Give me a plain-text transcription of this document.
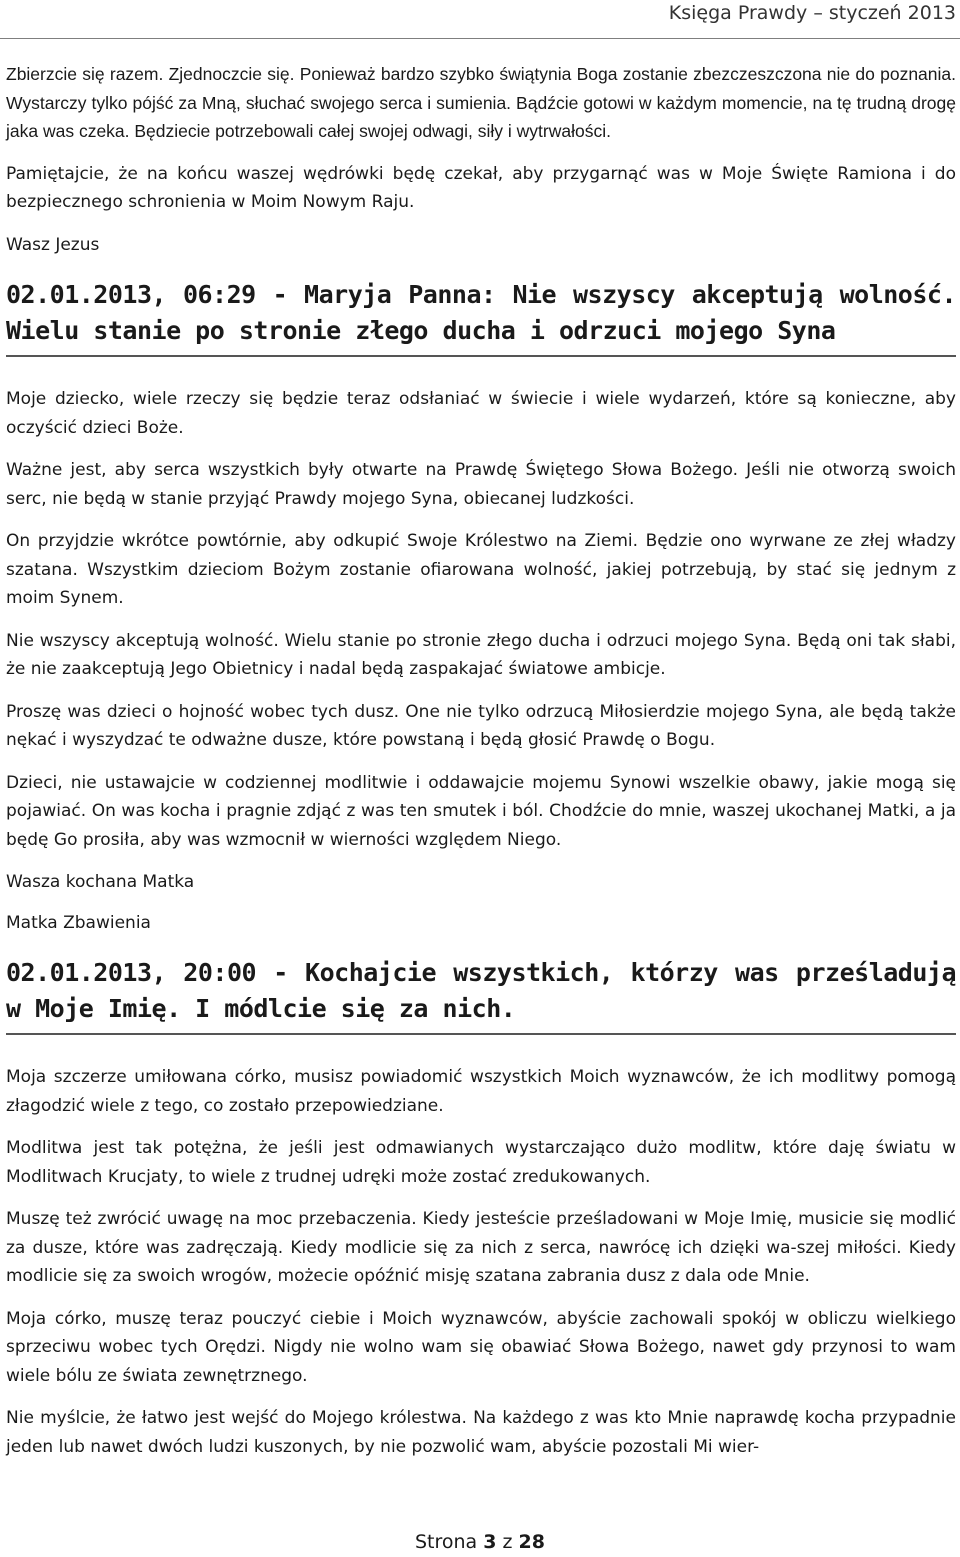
Księga Prawdy – styczeń 2013

Zbierzcie się razem. Zjednoczcie się. Ponieważ bardzo szybko świątynia Boga zostanie zbezczeszczona nie do poznania. Wystarczy tylko pójść za Mną, słuchać swojego serca i sumienia. Bądźcie gotowi w każdym momencie, na tę trudną drogę jaka was czeka. Będziecie potrzebowali całej swojej odwagi, siły i wytrwałości.

Pamiętajcie, że na końcu waszej wędrówki będę czekał, aby przygarnąć was w Moje Święte Ramiona i do bezpiecznego schronienia w Moim Nowym Raju.

Wasz Jezus

02.01.2013, 06:29 - Maryja Panna: Nie wszyscy akceptują wolność. Wielu stanie po stronie złego ducha i odrzuci mojego Syna

Moje dziecko, wiele rzeczy się będzie teraz odsłaniać w świecie i wiele wydarzeń, które są konieczne, aby oczyścić dzieci Boże.

Ważne jest, aby serca wszystkich były otwarte na Prawdę Świętego Słowa Bożego. Jeśli nie otworzą swoich serc, nie będą w stanie przyjąć Prawdy mojego Syna, obiecanej ludzkości.

On przyjdzie wkrótce powtórnie, aby odkupić Swoje Królestwo na Ziemi. Będzie ono wyrwane ze złej władzy szatana. Wszystkim dzieciom Bożym zostanie ofiarowana wolność, jakiej potrzebują, by stać się jednym z moim Synem.

Nie wszyscy akceptują wolność. Wielu stanie po stronie złego ducha i odrzuci mojego Syna. Będą oni tak słabi, że nie zaakceptują Jego Obietnicy i nadal będą zaspakajać światowe ambicje.

Proszę was dzieci o hojność wobec tych dusz. One nie tylko odrzucą Miłosierdzie mojego Syna, ale będą także nękać i wyszydzać te odważne dusze, które powstaną i będą głosić Prawdę o Bogu.

Dzieci, nie ustawajcie w codziennej modlitwie i oddawajcie mojemu Synowi wszelkie obawy, jakie mogą się pojawiać. On was kocha i pragnie zdjąć z was ten smutek i ból. Chodźcie do mnie, waszej ukochanej Matki, a ja będę Go prosiła, aby was wzmocnił w wierności względem Niego.

Wasza kochana Matka

Matka Zbawienia

02.01.2013, 20:00 - Kochajcie wszystkich, którzy was prześladują w Moje Imię. I módlcie się za nich.

Moja szczerze umiłowana córko, musisz powiadomić wszystkich Moich wyznawców, że ich modlitwy pomogą złagodzić wiele z tego, co zostało przepowiedziane.

Modlitwa jest tak potężna, że jeśli jest odmawianych wystarczająco dużo modlitw, które daję światu w Modlitwach Krucjaty, to wiele z trudnej udręki może zostać zredukowanych.

Muszę też zwrócić uwagę na moc przebaczenia. Kiedy jesteście prześladowani w Moje Imię, musicie się modlić za dusze, które was zadręczają. Kiedy modlicie się za nich z serca, nawrócę ich dzięki wa-szej miłości. Kiedy modlicie się za swoich wrogów, możecie opóźnić misję szatana zabrania dusz z dala ode Mnie.

Moja córko, muszę teraz pouczyć ciebie i Moich wyznawców, abyście zachowali spokój w obliczu wielkiego sprzeciwu wobec tych Orędzi. Nigdy nie wolno wam się obawiać Słowa Bożego, nawet gdy przynosi to wam wiele bólu ze świata zewnętrznego.

Nie myślcie, że łatwo jest wejść do Mojego królestwa. Na każdego z was kto Mnie naprawdę kocha przypadnie jeden lub nawet dwóch ludzi kuszonych, by nie pozwolić wam, abyście pozostali Mi wier-

Strona 3 z 28
